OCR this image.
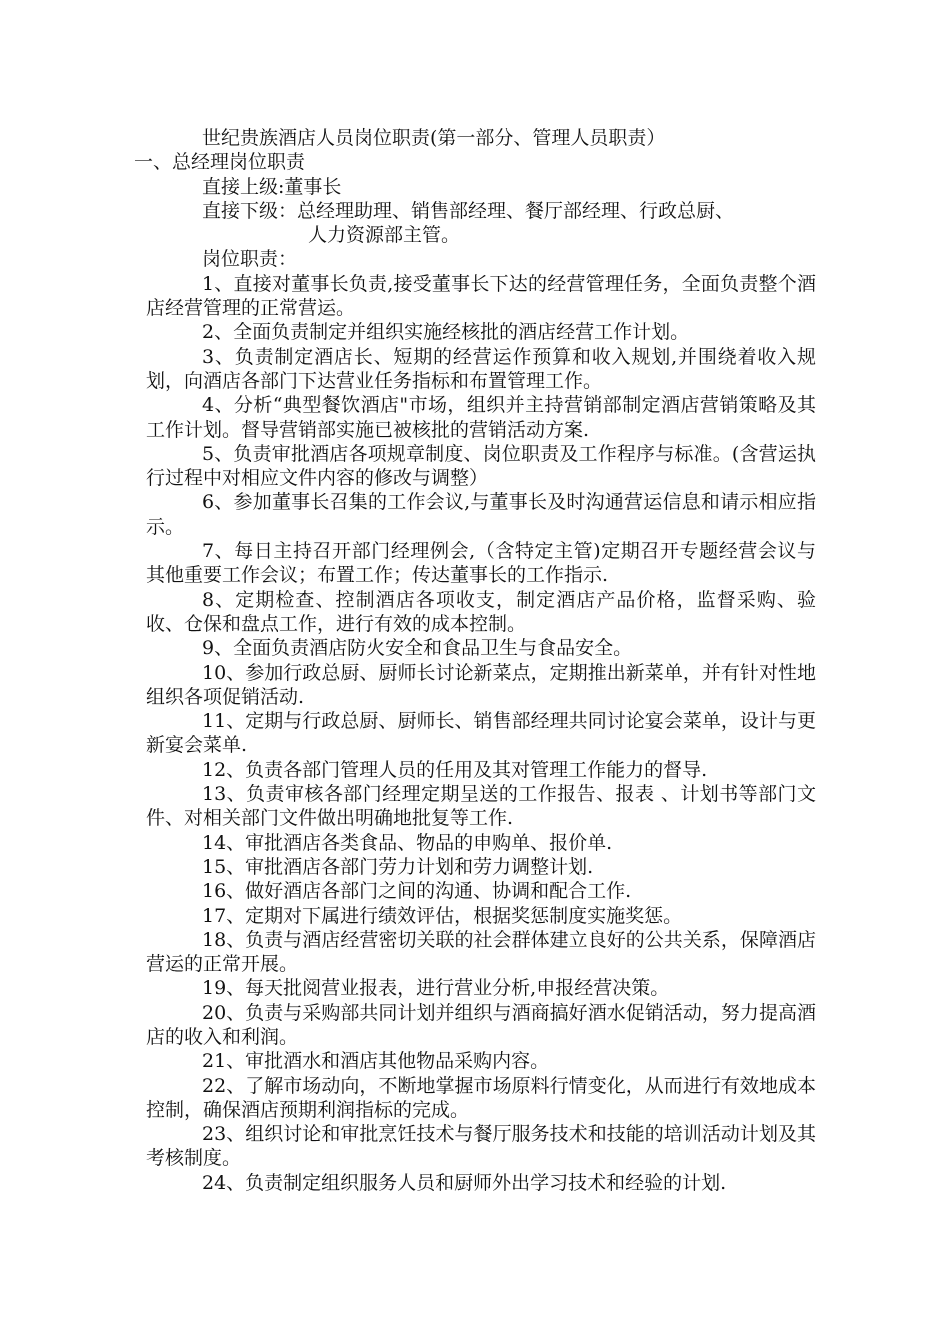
世纪贵族酒店人员岗位职责(第一部分、管理人员职责）
一、总经理岗位职责
直接上级:董事长
直接下级：总经理助理、销售部经理、餐厅部经理、行政总厨、
人力资源部主管。
岗位职责：
1、直接对董事长负责,接受董事长下达的经营管理任务，全面负责整个酒店经营管理的正常营运。
2、全面负责制定并组织实施经核批的酒店经营工作计划。
3、负责制定酒店长、短期的经营运作预算和收入规划,并围绕着收入规划，向酒店各部门下达营业任务指标和布置管理工作。
4、分析“典型餐饮酒店"市场，组织并主持营销部制定酒店营销策略及其工作计划。督导营销部实施已被核批的营销活动方案.
5、负责审批酒店各项规章制度、岗位职责及工作程序与标准。(含营运执行过程中对相应文件内容的修改与调整）
6、参加董事长召集的工作会议,与董事长及时沟通营运信息和请示相应指示。
7、每日主持召开部门经理例会,（含特定主管)定期召开专题经营会议与其他重要工作会议；布置工作；传达董事长的工作指示.
8、定期检查、控制酒店各项收支，制定酒店产品价格，监督采购、验收、仓保和盘点工作，进行有效的成本控制。
9、全面负责酒店防火安全和食品卫生与食品安全。
10、参加行政总厨、厨师长讨论新菜点，定期推出新菜单，并有针对性地组织各项促销活动.
11、定期与行政总厨、厨师长、销售部经理共同讨论宴会菜单，设计与更新宴会菜单.
12、负责各部门管理人员的任用及其对管理工作能力的督导.
13、负责审核各部门经理定期呈送的工作报告、报表 、计划书等部门文件、对相关部门文件做出明确地批复等工作.
14、审批酒店各类食品、物品的申购单、报价单.
15、审批酒店各部门劳力计划和劳力调整计划.
16、做好酒店各部门之间的沟通、协调和配合工作.
17、定期对下属进行绩效评估，根据奖惩制度实施奖惩。
18、负责与酒店经营密切关联的社会群体建立良好的公共关系，保障酒店营运的正常开展。
19、每天批阅营业报表，进行营业分析,申报经营决策。
20、负责与采购部共同计划并组织与酒商搞好酒水促销活动，努力提高酒店的收入和利润。
21、审批酒水和酒店其他物品采购内容。
22、了解市场动向，不断地掌握市场原料行情变化，从而进行有效地成本控制，确保酒店预期利润指标的完成。
23、组织讨论和审批烹饪技术与餐厅服务技术和技能的培训活动计划及其考核制度。
24、负责制定组织服务人员和厨师外出学习技术和经验的计划.
